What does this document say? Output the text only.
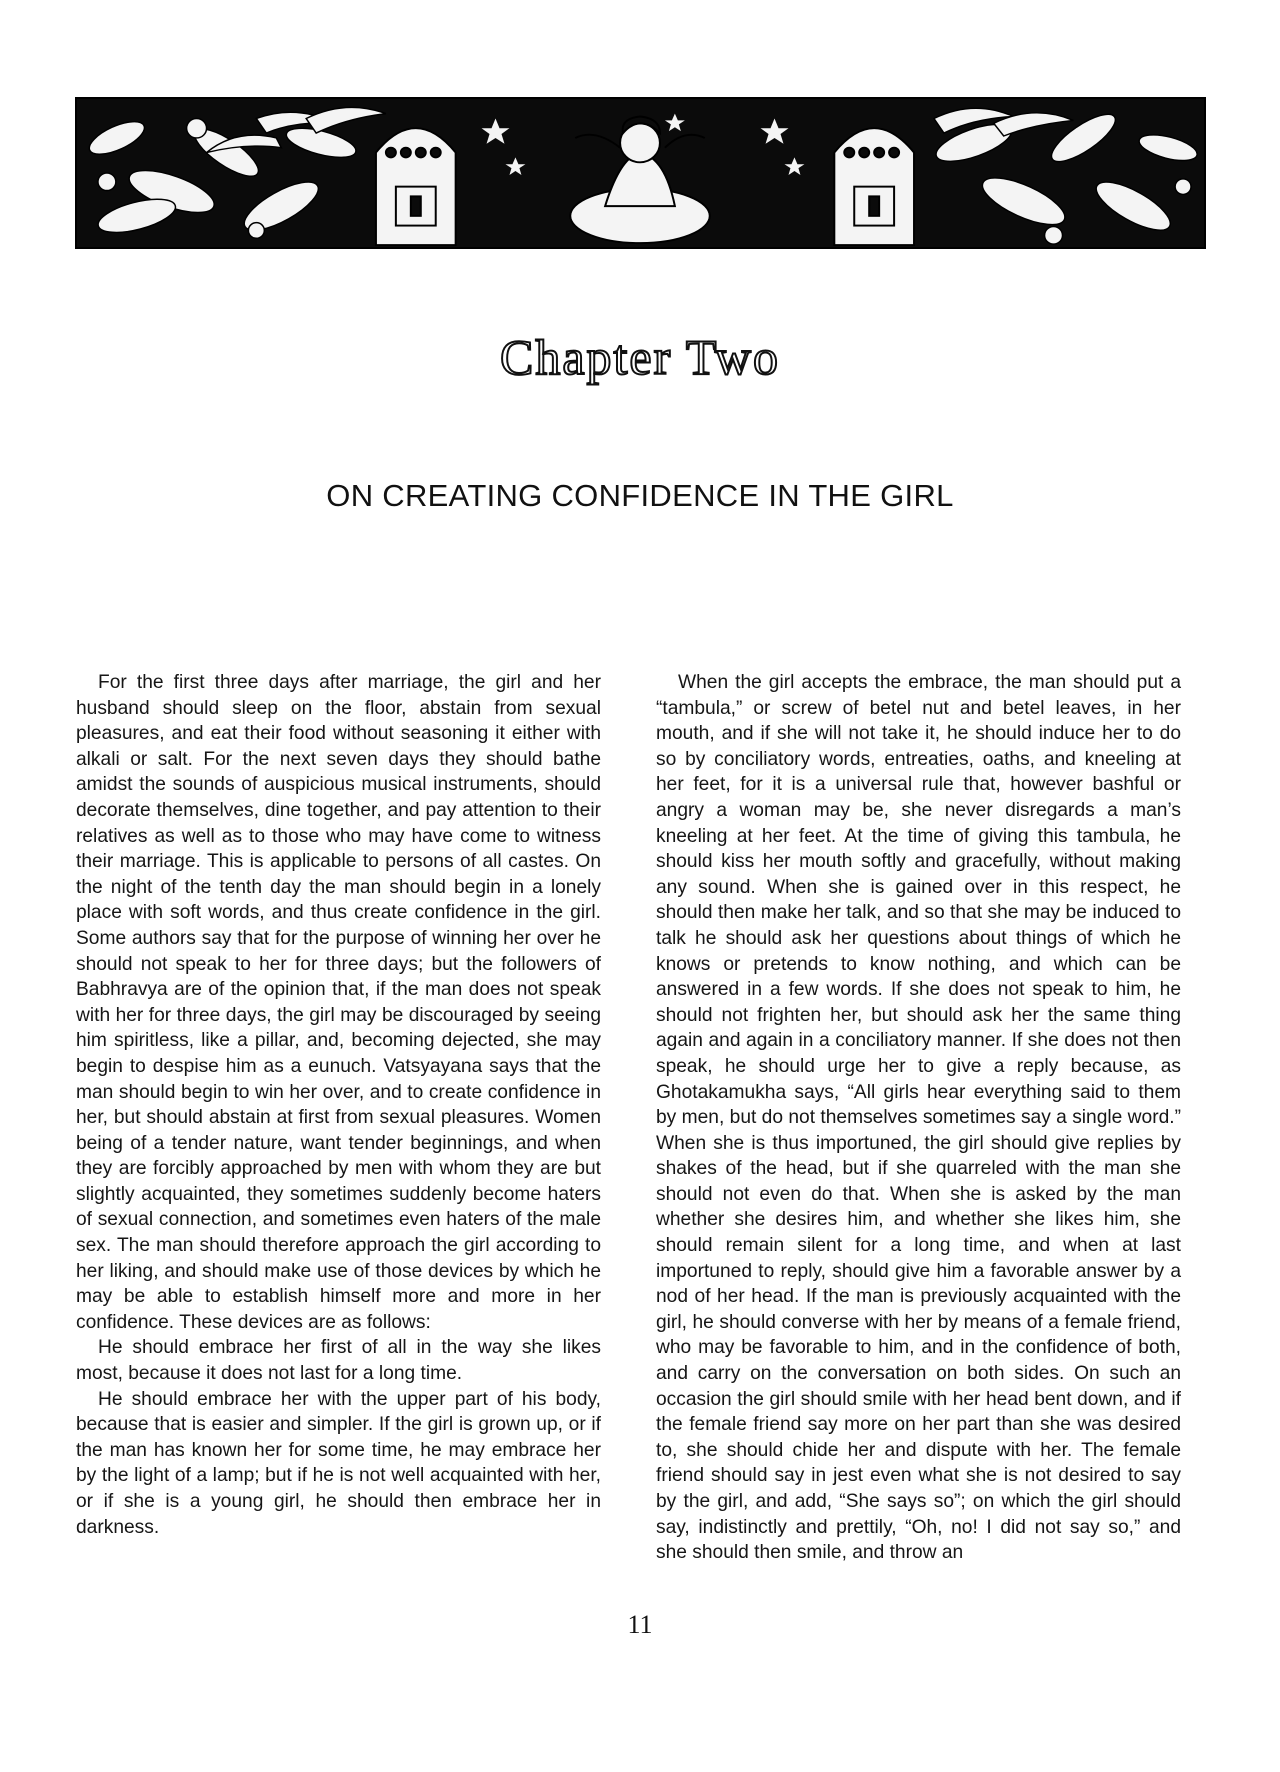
Chapter Two
ON CREATING CONFIDENCE IN THE GIRL

For the first three days after marriage, the girl and her husband should sleep on the floor, abstain from sexual pleasures, and eat their food without seasoning it either with alkali or salt. For the next seven days they should bathe amidst the sounds of auspicious musical instruments, should decorate themselves, dine together, and pay attention to their relatives as well as to those who may have come to witness their marriage. This is applicable to persons of all castes. On the night of the tenth day the man should begin in a lonely place with soft words, and thus create confidence in the girl. Some authors say that for the purpose of winning her over he should not speak to her for three days; but the followers of Babhravya are of the opinion that, if the man does not speak with her for three days, the girl may be discouraged by seeing him spiritless, like a pillar, and, becoming dejected, she may begin to despise him as a eunuch. Vatsyayana says that the man should begin to win her over, and to create confidence in her, but should abstain at first from sexual pleasures. Women being of a tender nature, want tender beginnings, and when they are forcibly approached by men with whom they are but slightly acquainted, they sometimes suddenly become haters of sexual connection, and sometimes even haters of the male sex. The man should therefore approach the girl according to her liking, and should make use of those devices by which he may be able to establish himself more and more in her confidence. These devices are as follows:

He should embrace her first of all in the way she likes most, because it does not last for a long time.

He should embrace her with the upper part of his body, because that is easier and simpler. If the girl is grown up, or if the man has known her for some time, he may embrace her by the light of a lamp; but if he is not well acquainted with her, or if she is a young girl, he should then embrace her in darkness.

When the girl accepts the embrace, the man should put a “tambula,” or screw of betel nut and betel leaves, in her mouth, and if she will not take it, he should induce her to do so by conciliatory words, entreaties, oaths, and kneeling at her feet, for it is a universal rule that, however bashful or angry a woman may be, she never disregards a man’s kneeling at her feet. At the time of giving this tambula, he should kiss her mouth softly and gracefully, without making any sound. When she is gained over in this respect, he should then make her talk, and so that she may be induced to talk he should ask her questions about things of which he knows or pretends to know nothing, and which can be answered in a few words. If she does not speak to him, he should not frighten her, but should ask her the same thing again and again in a conciliatory manner. If she does not then speak, he should urge her to give a reply because, as Ghotakamukha says, “All girls hear everything said to them by men, but do not themselves sometimes say a single word.” When she is thus importuned, the girl should give replies by shakes of the head, but if she quarreled with the man she should not even do that. When she is asked by the man whether she desires him, and whether she likes him, she should remain silent for a long time, and when at last importuned to reply, should give him a favorable answer by a nod of her head. If the man is previously acquainted with the girl, he should converse with her by means of a female friend, who may be favorable to him, and in the confidence of both, and carry on the conversation on both sides. On such an occasion the girl should smile with her head bent down, and if the female friend say more on her part than she was desired to, she should chide her and dispute with her. The female friend should say in jest even what she is not desired to say by the girl, and add, “She says so”; on which the girl should say, indistinctly and prettily, “Oh, no! I did not say so,” and she should then smile, and throw an

11
